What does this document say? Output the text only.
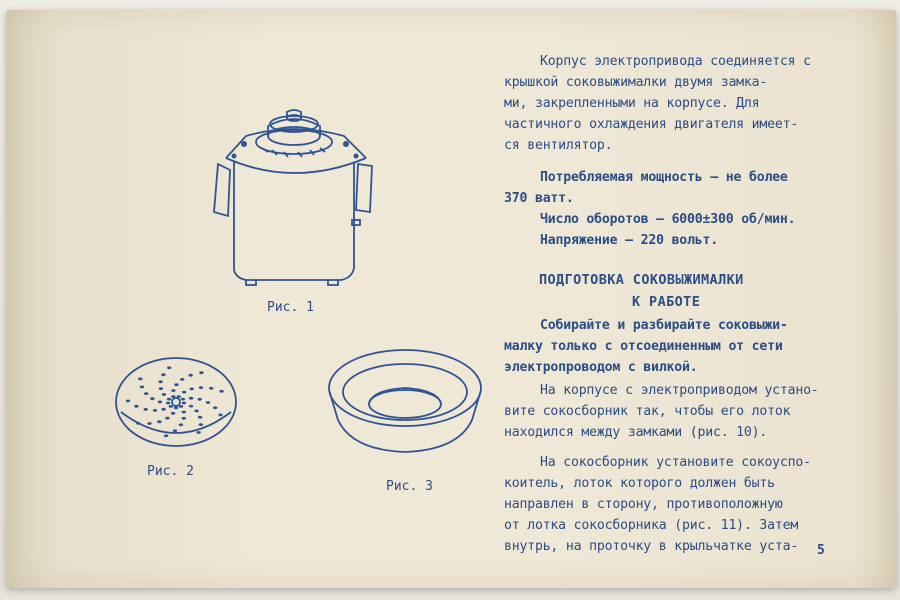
Рис. 1
Рис. 2
Рис. 3
Корпус электропривода соединяется с
крышкой соковыжималки двумя замка-
ми, закрепленными на корпусе. Для
частичного охлаждения двигателя имеет-
ся вентилятор.
Потребляемая мощность — не более
370 ватт.
Число оборотов — 6000±300 об/мин.
Напряжение — 220 вольт.
ПОДГОТОВКА СОКОВЫЖИМАЛКИ
К РАБОТЕ
Собирайте и разбирайте соковыжи-
малку только с отсоединенным от сети
электропроводом с вилкой.
На корпусе с электроприводом устано-
вите сокосборник так, чтобы его лоток
находился между замками (рис. 10).
На сокосборник установите сокоуспо-
коитель, лоток которого должен быть
направлен в сторону, противоположную
от лотка сокосборника (рис. 11). Затем
внутрь, на проточку в крыльчатке уста- 5
